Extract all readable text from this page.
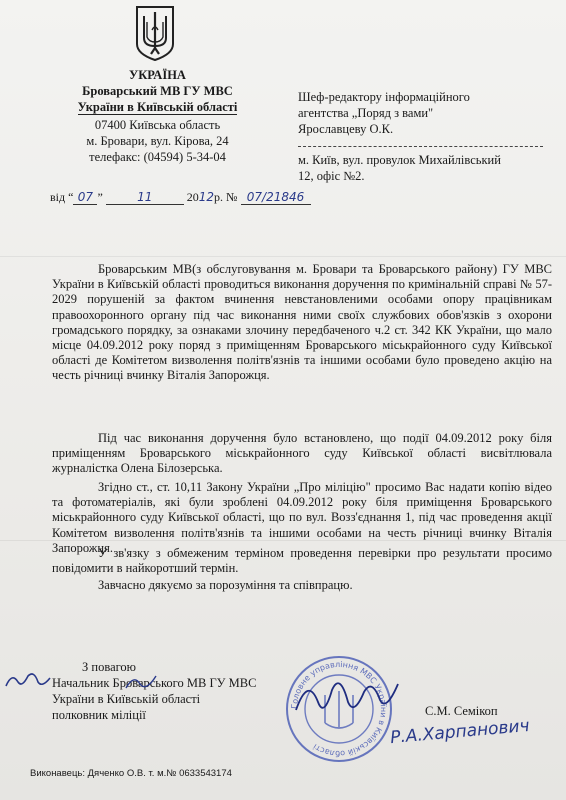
УКРАЇНА
Броварський МВ ГУ МВС
України в Київській області
07400 Київська область
м. Бровари, вул. Кірова, 24
телефакс: (04594) 5-34-04
від “ 07 ”	11	2012р. № 07/21846
Шеф-редактору інформаційного
агентства „Поряд з вами"
Ярославцеву О.К.
м. Київ, вул. провулок Михайлівський
12, офіс №2.
Броварським МВ(з обслуговування м. Бровари та Броварського району) ГУ МВС України в Київській області проводиться виконання доручення по кримінальній справі № 57-2029 порушеній за фактом вчинення невстановленими особами опору працівникам правоохоронного органу під час виконання ними своїх службових обов'язків з охорони громадського порядку, за ознаками злочину передбаченого ч.2 ст. 342 КК України, що мало місце 04.09.2012 року поряд з приміщенням Броварського міськрайонного суду Київської області де Комітетом визволення політв'язнів та іншими особами було проведено акцію на честь річниці вчинку Віталія Запорожця.
Під час виконання доручення було встановлено, що події 04.09.2012 року біля приміщенням Броварського міськрайонного суду Київської області висвітлювала журналістка Олена Білозерська.
Згідно ст., ст. 10,11 Закону України „Про міліцію" просимо Вас надати копію відео та фотоматеріалів, які були зроблені 04.09.2012 року біля приміщення Броварського міськрайонного суду Київської області, що по вул. Возз'єднання 1, під час проведення акції Комітетом визволення політв'язнів та іншими особами на честь річниці вчинку Віталія Запорожця.
У зв'язку з обмеженим терміном проведення перевірки про результати просимо повідомити в найкоротший термін.
Завчасно дякуємо за порозуміння та співпрацю.
З повагою
Начальник Броварського МВ ГУ МВС
України в Київській області
полковник міліції	С.М. Семікоп
Головне управління МВС України в Київській області	Р.А.Харпанович
Виконавець: Дяченко О.В. т. м.№ 0633543174
